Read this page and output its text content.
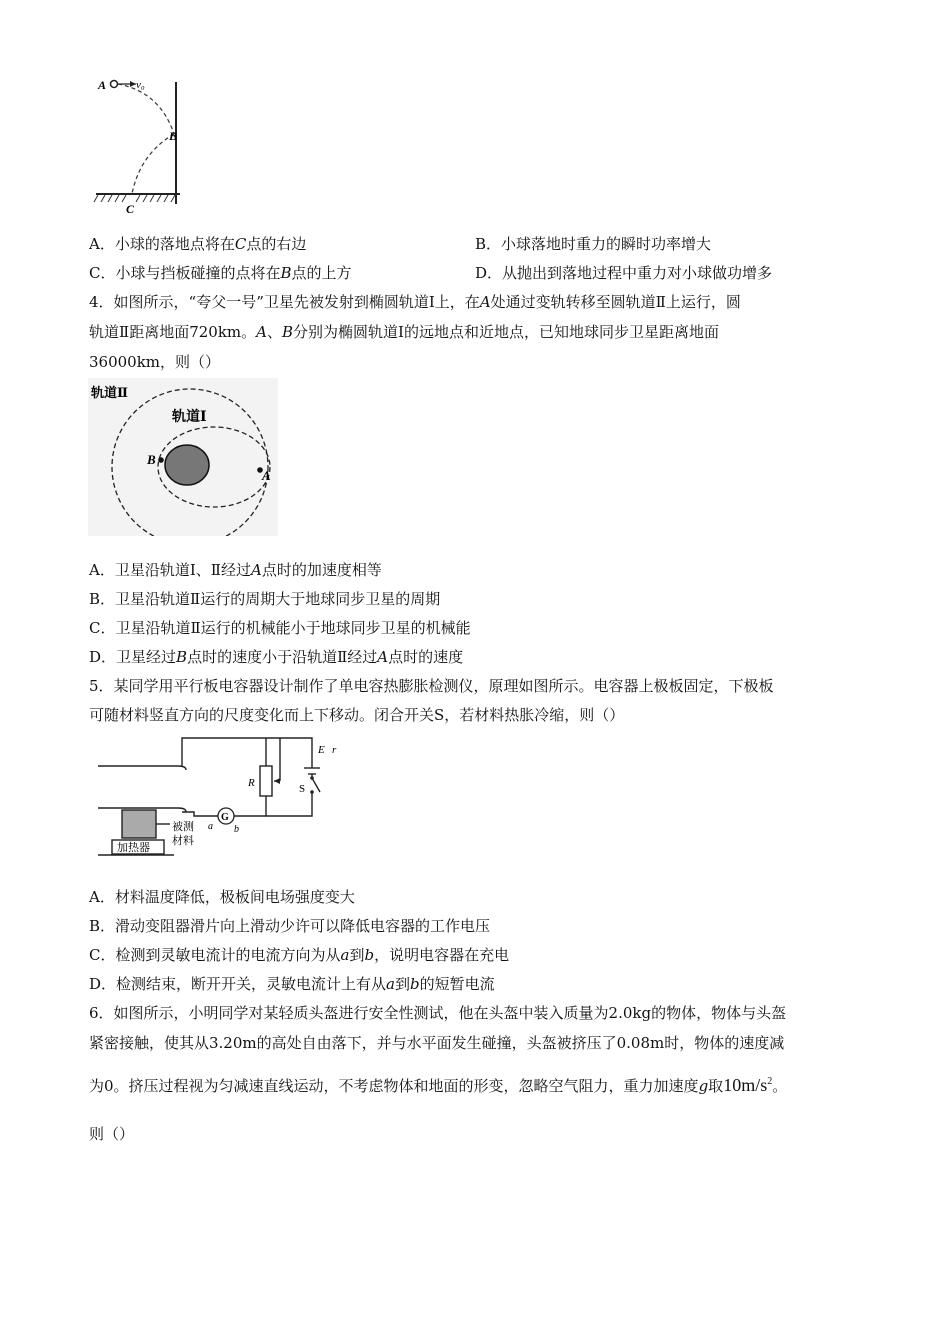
A	v₀
B
C
A．小球的落地点将在C点的右边	B．小球落地时重力的瞬时功率增大
C．小球与挡板碰撞的点将在B点的上方	D．从抛出到落地过程中重力对小球做功增多
4．如图所示，“夸父一号”卫星先被发射到椭圆轨道Ⅰ上，在A处通过变轨转移至圆轨道Ⅱ上运行，圆
轨道Ⅱ距离地面720km。A、B分别为椭圆轨道Ⅰ的远地点和近地点，已知地球同步卫星距离地面
36000km，则（）
轨道Ⅱ
轨道Ⅰ
B
A
A．卫星沿轨道Ⅰ、Ⅱ经过A点时的加速度相等
B．卫星沿轨道Ⅱ运行的周期大于地球同步卫星的周期
C．卫星沿轨道Ⅱ运行的机械能小于地球同步卫星的机械能
D．卫星经过B点时的速度小于沿轨道Ⅱ经过A点时的速度
5．某同学用平行板电容器设计制作了单电容热膨胀检测仪，原理如图所示。电容器上极板固定，下极板
可随材料竖直方向的尺度变化而上下移动。闭合开关S，若材料热胀冷缩，则（）
E r
R	S
G
a b
被测
材料
加热器
A．材料温度降低，极板间电场强度变大
B．滑动变阻器滑片向上滑动少许可以降低电容器的工作电压
C．检测到灵敏电流计的电流方向为从a到b，说明电容器在充电
D．检测结束，断开开关，灵敏电流计上有从a到b的短暂电流
6．如图所示，小明同学对某轻质头盔进行安全性测试，他在头盔中装入质量为2.0kg的物体，物体与头盔
紧密接触，使其从3.20m的高处自由落下，并与水平面发生碰撞，头盔被挤压了0.08m时，物体的速度减
为0。挤压过程视为匀减速直线运动，不考虑物体和地面的形变，忽略空气阻力，重力加速度g取$10m/s^2$。
则（）
